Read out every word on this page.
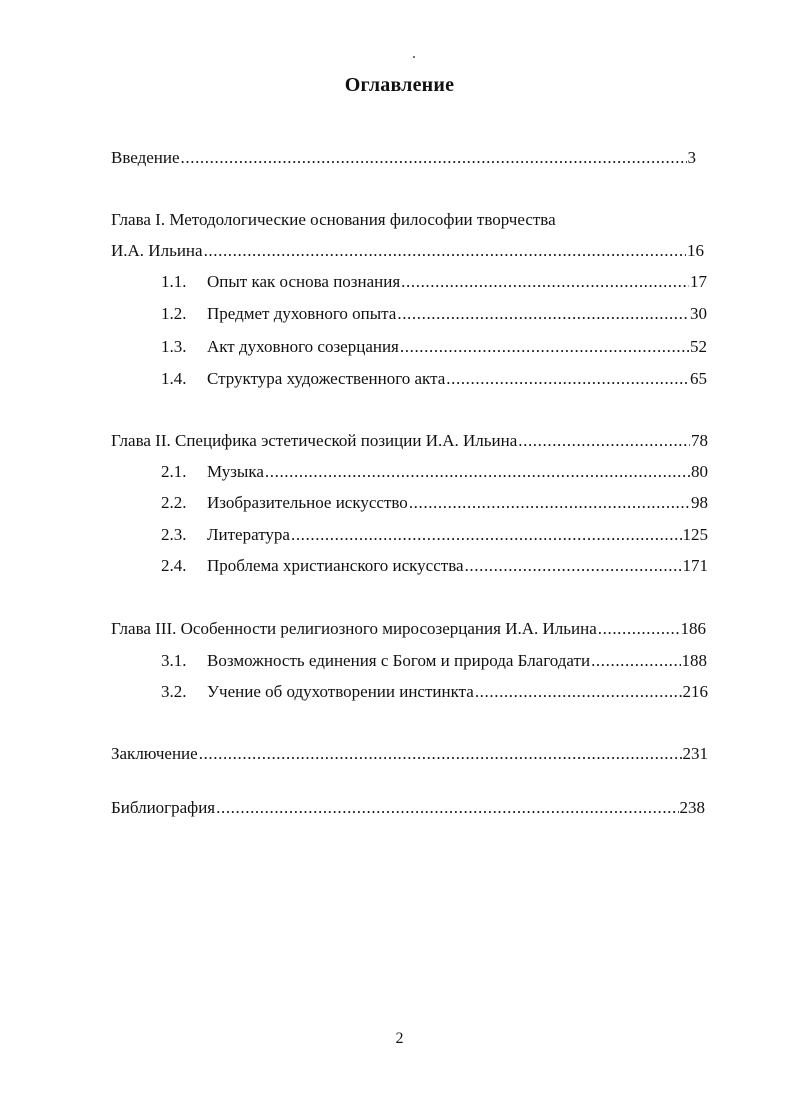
Оглавление
Введение .....	3
Глава I. Методологические основания философии творчества
И.А. Ильина .....	16
1.1.	Опыт как основа познания .....	17
1.2.	Предмет духовного опыта .....	30
1.3.	Акт духовного созерцания .....	52
1.4.	Структура художественного акта .....	65
Глава II. Специфика эстетической позиции И.А. Ильина .....	78
2.1.	Музыка .....	80
2.2.	Изобразительное искусство .....	98
2.3.	Литература .....	125
2.4.	Проблема христианского искусства .....	171
Глава III. Особенности религиозного миросозерцания И.А. Ильина .....	186
3.1.	Возможность единения с Богом и природа Благодати .....	188
3.2.	Учение об одухотворении инстинкта .....	216
Заключение .....	231
Библиография .....	238
2
